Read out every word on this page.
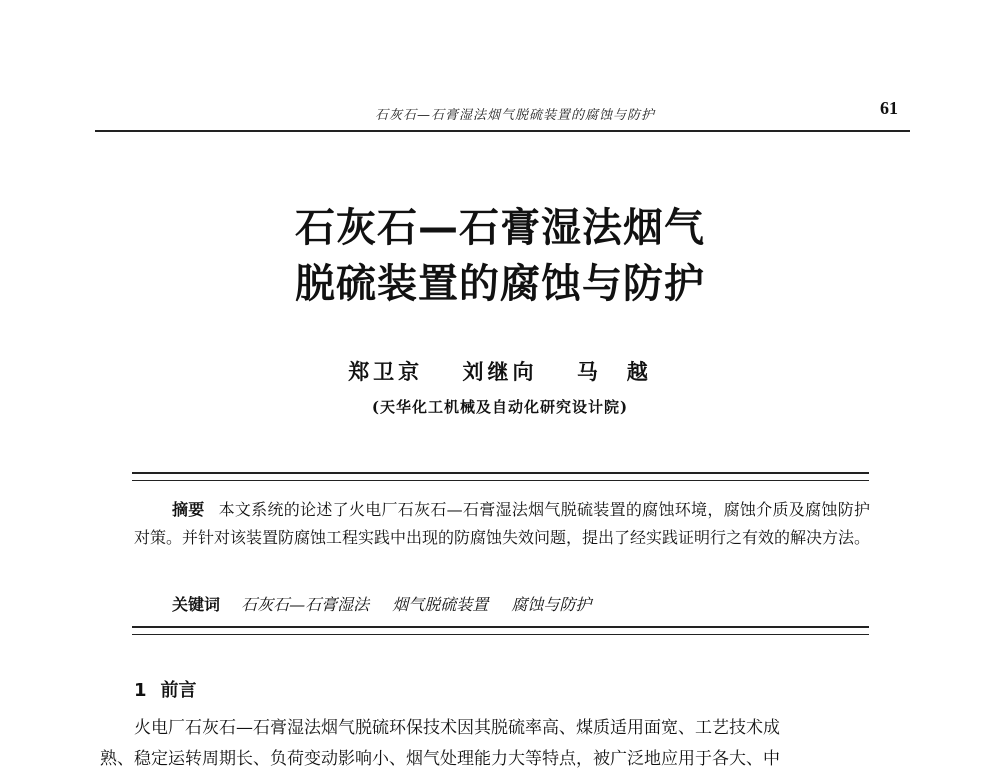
石灰石—石膏湿法烟气脱硫装置的腐蚀与防护	61
石灰石—石膏湿法烟气
脱硫装置的腐蚀与防护
郑卫京 刘继向 马　越
(天华化工机械及自动化研究设计院)

摘要 本文系统的论述了火电厂石灰石—石膏湿法烟气脱硫装置的腐蚀环境，腐蚀介质及腐蚀防护对策。并针对该装置防腐蚀工程实践中出现的防腐蚀失效问题，提出了经实践证明行之有效的解决方法。

关键词 石灰石—石膏湿法 烟气脱硫装置 腐蚀与防护
1 前言

火电厂石灰石—石膏湿法烟气脱硫环保技术因其脱硫率高、煤质适用面宽、工艺技术成

熟、稳定运转周期长、负荷变动影响小、烟气处理能力大等特点，被广泛地应用于各大、中
